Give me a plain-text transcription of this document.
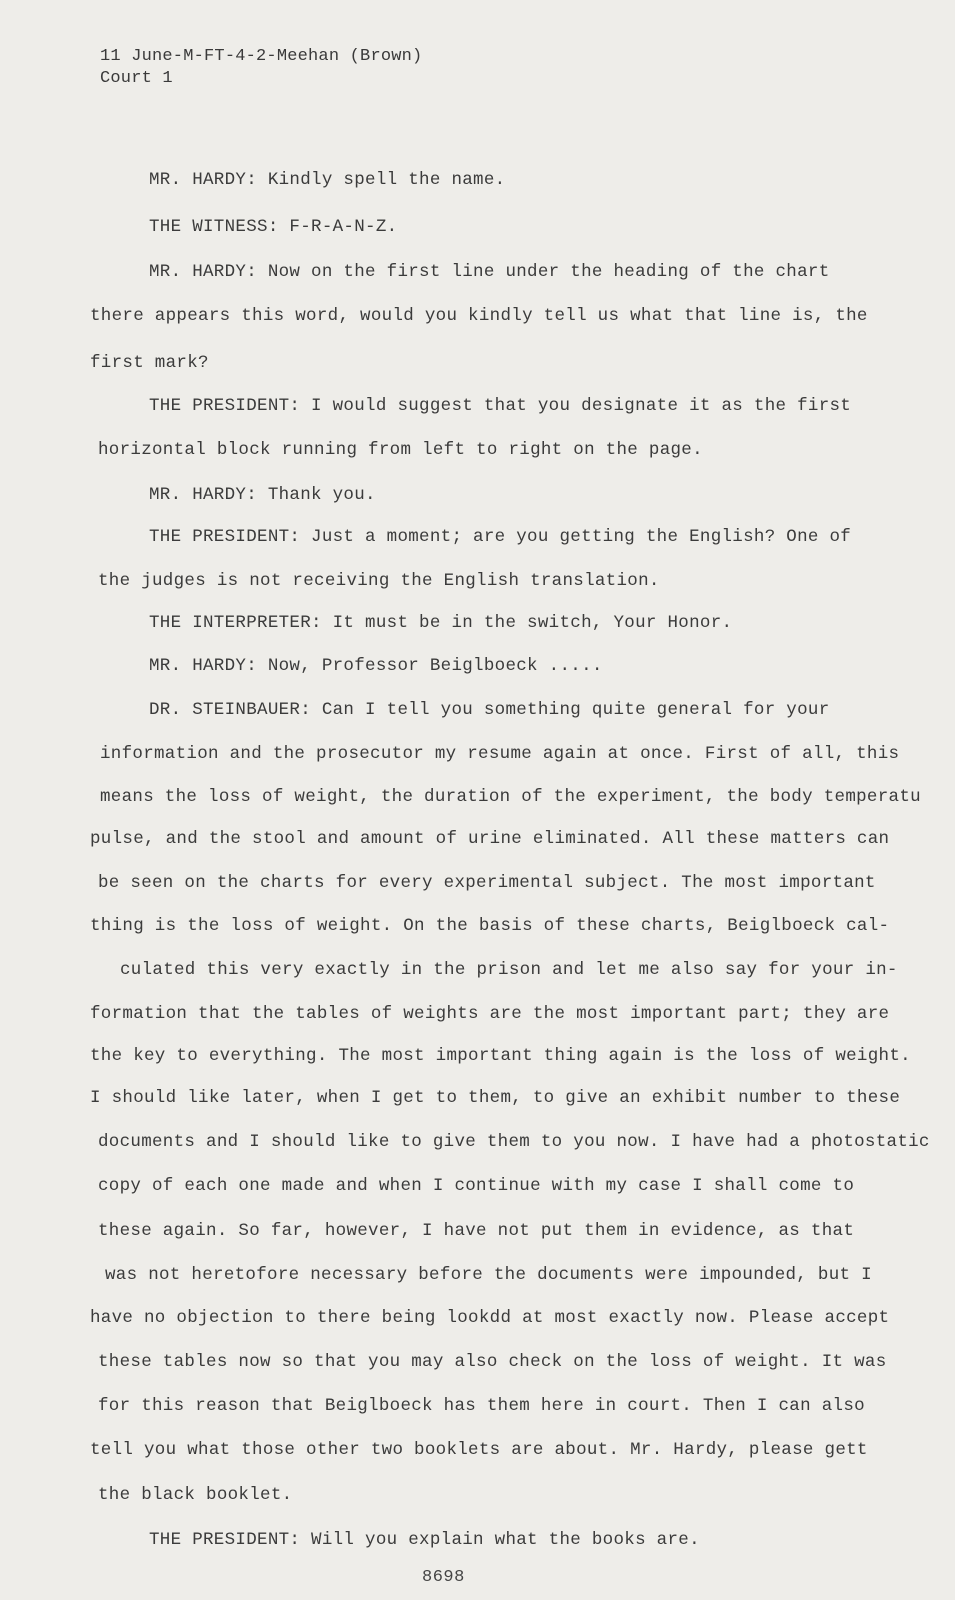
11 June-M-FT-4-2-Meehan (Brown)
Court 1
MR. HARDY: Kindly spell the name.
THE WITNESS: F-R-A-N-Z.
MR. HARDY: Now on the first line under the heading of the chart
there appears this word, would you kindly tell us what that line is, the
first mark?
THE PRESIDENT: I would suggest that you designate it as the first
horizontal block running from left to right on the page.
MR. HARDY: Thank you.
THE PRESIDENT: Just a moment; are you getting the English? One of
the judges is not receiving the English translation.
THE INTERPRETER: It must be in the switch, Your Honor.
MR. HARDY: Now, Professor Beiglboeck .....
DR. STEINBAUER: Can I tell you something quite general for your
information and the prosecutor my resume again at once. First of all, this
means the loss of weight, the duration of the experiment, the body temperatu
pulse, and the stool and amount of urine eliminated. All these matters can
be seen on the charts for every experimental subject. The most important
thing is the loss of weight. On the basis of these charts, Beiglboeck cal-
culated this very exactly in the prison and let me also say for your in-
formation that the tables of weights are the most important part; they are
the key to everything. The most important thing again is the loss of weight.
I should like later, when I get to them, to give an exhibit number to these
documents and I should like to give them to you now. I have had a photostatic
copy of each one made and when I continue with my case I shall come to
these again. So far, however, I have not put them in evidence, as that
was not heretofore necessary before the documents were impounded, but I
have no objection to there being lookdd at most exactly now. Please accept
these tables now so that you may also check on the loss of weight. It was
for this reason that Beiglboeck has them here in court. Then I can also
tell you what those other two booklets are about. Mr. Hardy, please gett
the black booklet.
THE PRESIDENT: Will you explain what the books are.
8698
